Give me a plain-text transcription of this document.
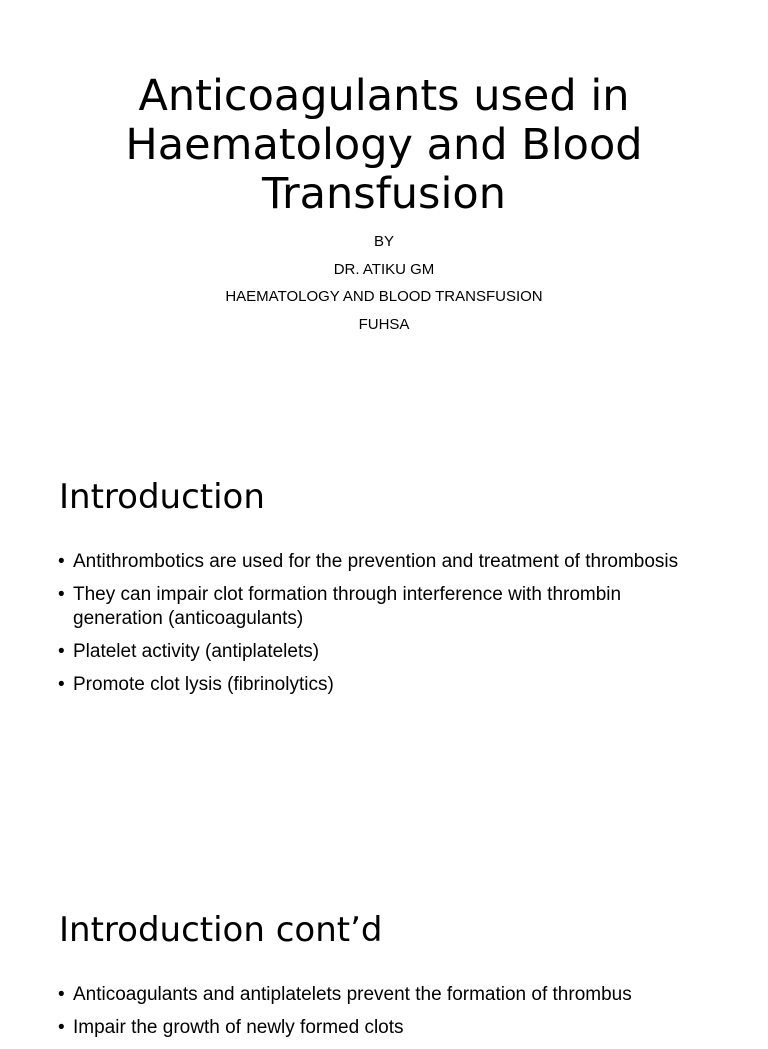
Anticoagulants used in Haematology and Blood Transfusion
BY
DR. ATIKU GM
HAEMATOLOGY AND BLOOD TRANSFUSION
FUHSA
Introduction
• Antithrombotics are used for the prevention and treatment of thrombosis
• They can impair clot formation through interference with thrombin generation (anticoagulants)
• Platelet activity (antiplatelets)
• Promote clot lysis (fibrinolytics)
Introduction cont’d
• Anticoagulants and antiplatelets prevent the formation of thrombus
• Impair the growth of newly formed clots
